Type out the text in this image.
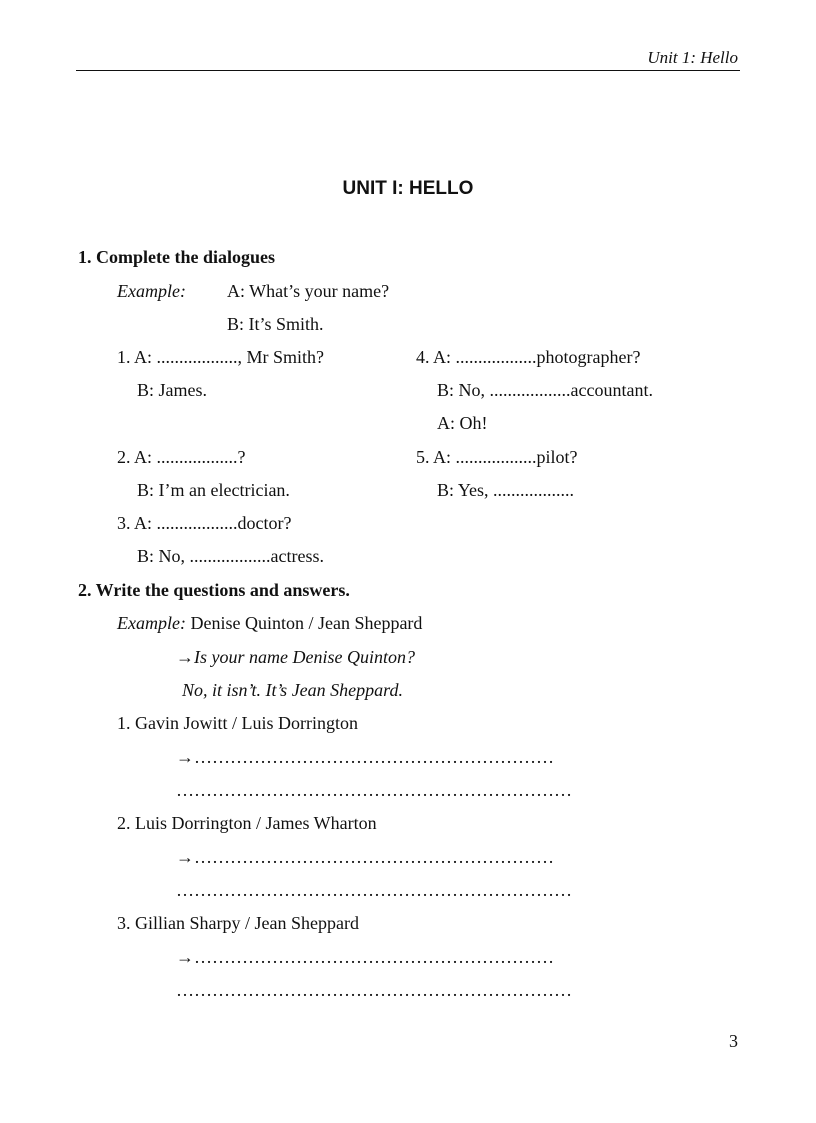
Unit 1: Hello
UNIT I: HELLO
1. Complete the dialogues
Example: A: What’s your name?
B: It’s Smith.
1. A: .................., Mr Smith?
B: James.
2. A: ..................?
B: I’m an electrician.
3. A: ..................doctor?
B: No, ..................actress.
4. A: ..................photographer?
B: No, ..................accountant.
A: Oh!
5. A: ..................pilot?
B: Yes, ..................
2. Write the questions and answers.
Example: Denise Quinton / Jean Sheppard
→Is your name Denise Quinton?
No, it isn’t. It’s Jean Sheppard.
1. Gavin Jowitt / Luis Dorrington
→……………………………………………………
…………………………………………………………
2. Luis Dorrington / James Wharton
→……………………………………………………
…………………………………………………………
3. Gillian Sharpy / Jean Sheppard
→……………………………………………………
…………………………………………………………
3
